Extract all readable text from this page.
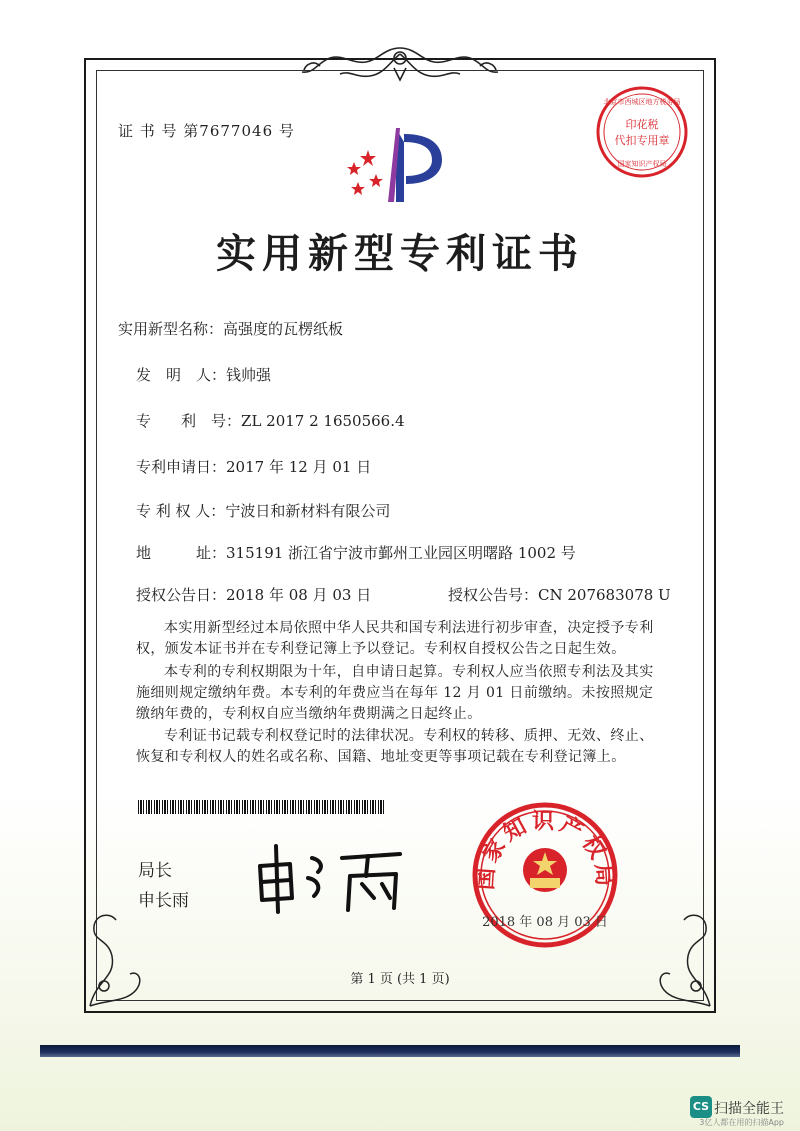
证 书 号 第7677046 号	印花税
代扣专用章
北京市西城区地方税务局
国家知识产权局
实用新型专利证书
实用新型名称：高强度的瓦楞纸板
发　明　人：钱帅强
专　　利　号：ZL 2017 2 1650566.4
专利申请日：2017 年 12 月 01 日
专 利 权 人：宁波日和新材料有限公司
地　　　址：315191 浙江省宁波市鄞州工业园区明曙路 1002 号
授权公告日：2018 年 08 月 03 日	授权公告号：CN 207683078 U
本实用新型经过本局依照中华人民共和国专利法进行初步审查，决定授予专利权，颁发本证书并在专利登记簿上予以登记。专利权自授权公告之日起生效。
本专利的专利权期限为十年，自申请日起算。专利权人应当依照专利法及其实施细则规定缴纳年费。本专利的年费应当在每年 12 月 01 日前缴纳。未按照规定缴纳年费的，专利权自应当缴纳年费期满之日起终止。
专利证书记载专利权登记时的法律状况。专利权的转移、质押、无效、终止、恢复和专利权人的姓名或名称、国籍、地址变更等事项记载在专利登记簿上。
局长
申长雨
国家知识产权局
2018 年 08 月 03 日
第 1 页 (共 1 页)
CS 扫描全能王
3亿人都在用的扫描App
